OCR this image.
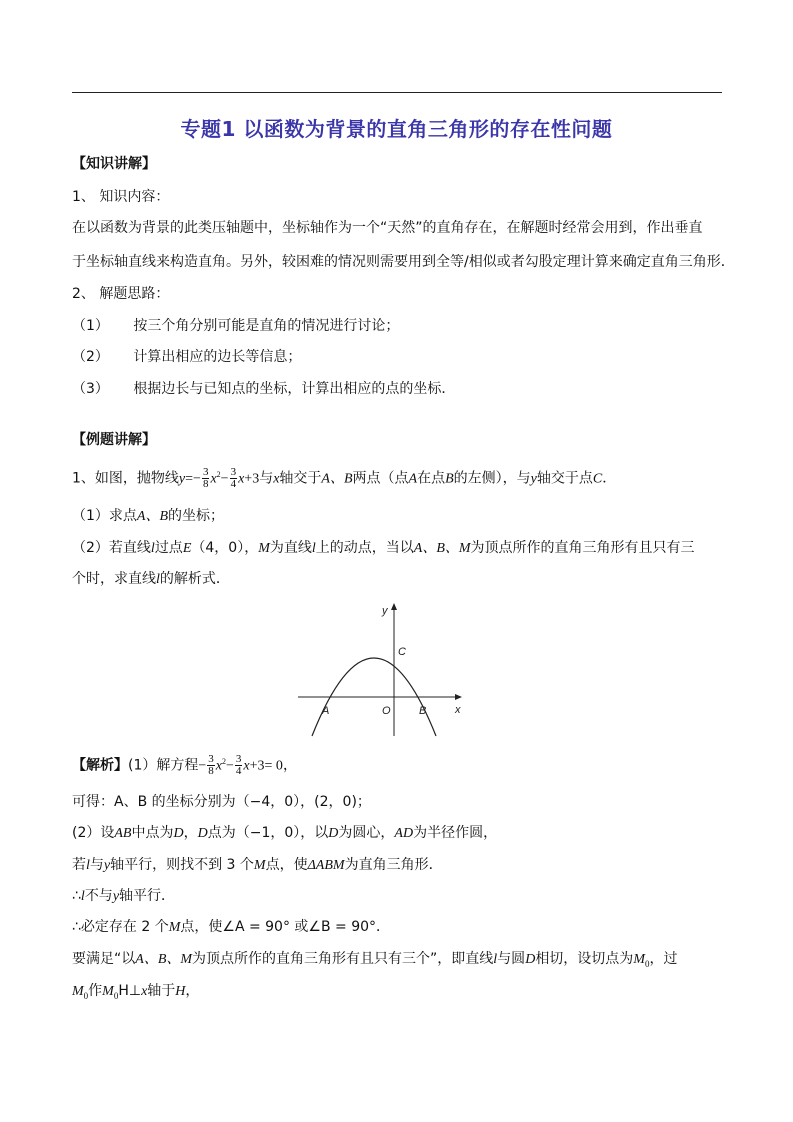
专题1 以函数为背景的直角三角形的存在性问题
【知识讲解】
1、 知识内容：
在以函数为背景的此类压轴题中，坐标轴作为一个“天然”的直角存在，在解题时经常会用到，作出垂直
于坐标轴直线来构造直角。另外，较困难的情况则需要用到全等/相似或者勾股定理计算来确定直角三角形．
2、 解题思路：
（1） 按三个角分别可能是直角的情况进行讨论；
（2） 计算出相应的边长等信息；
（3） 根据边长与已知点的坐标，计算出相应的点的坐标．
【例题讲解】
1、如图，抛物线$y=- \frac{3}{8} x^2- \frac{3}{4} x+3$与x轴交于A、B两点（点A在点B的左侧），与y轴交于点C．
（1）求点A、B的坐标；
（2）若直线l过点E（4，0），M为直线l上的动点，当以A、B、M为顶点所作的直角三角形有且只有三
个时，求直线l的解析式．
y
x
A	O	B
C
【解析】(1）解方程− $\frac{3}{8} x^2- \frac{3}{4} x+3= 0$，
可得：A、B 的坐标分别为（−4，0），(2，0)；
(2）设AB中点为D，D点为（−1，0），以D为圆心，AD为半径作圆，
若l与y轴平行，则找不到 3 个M点，使ΔABM为直角三角形．
∴l不与y轴平行．
∴必定存在 2 个M点，使∠A = 90° 或∠B = 90°．
要满足“以A、B、M为顶点所作的直角三角形有且只有三个”，即直线l与圆D相切，设切点为$M_0$，过
$M_0$作$M_0H\perp x$轴于H，
